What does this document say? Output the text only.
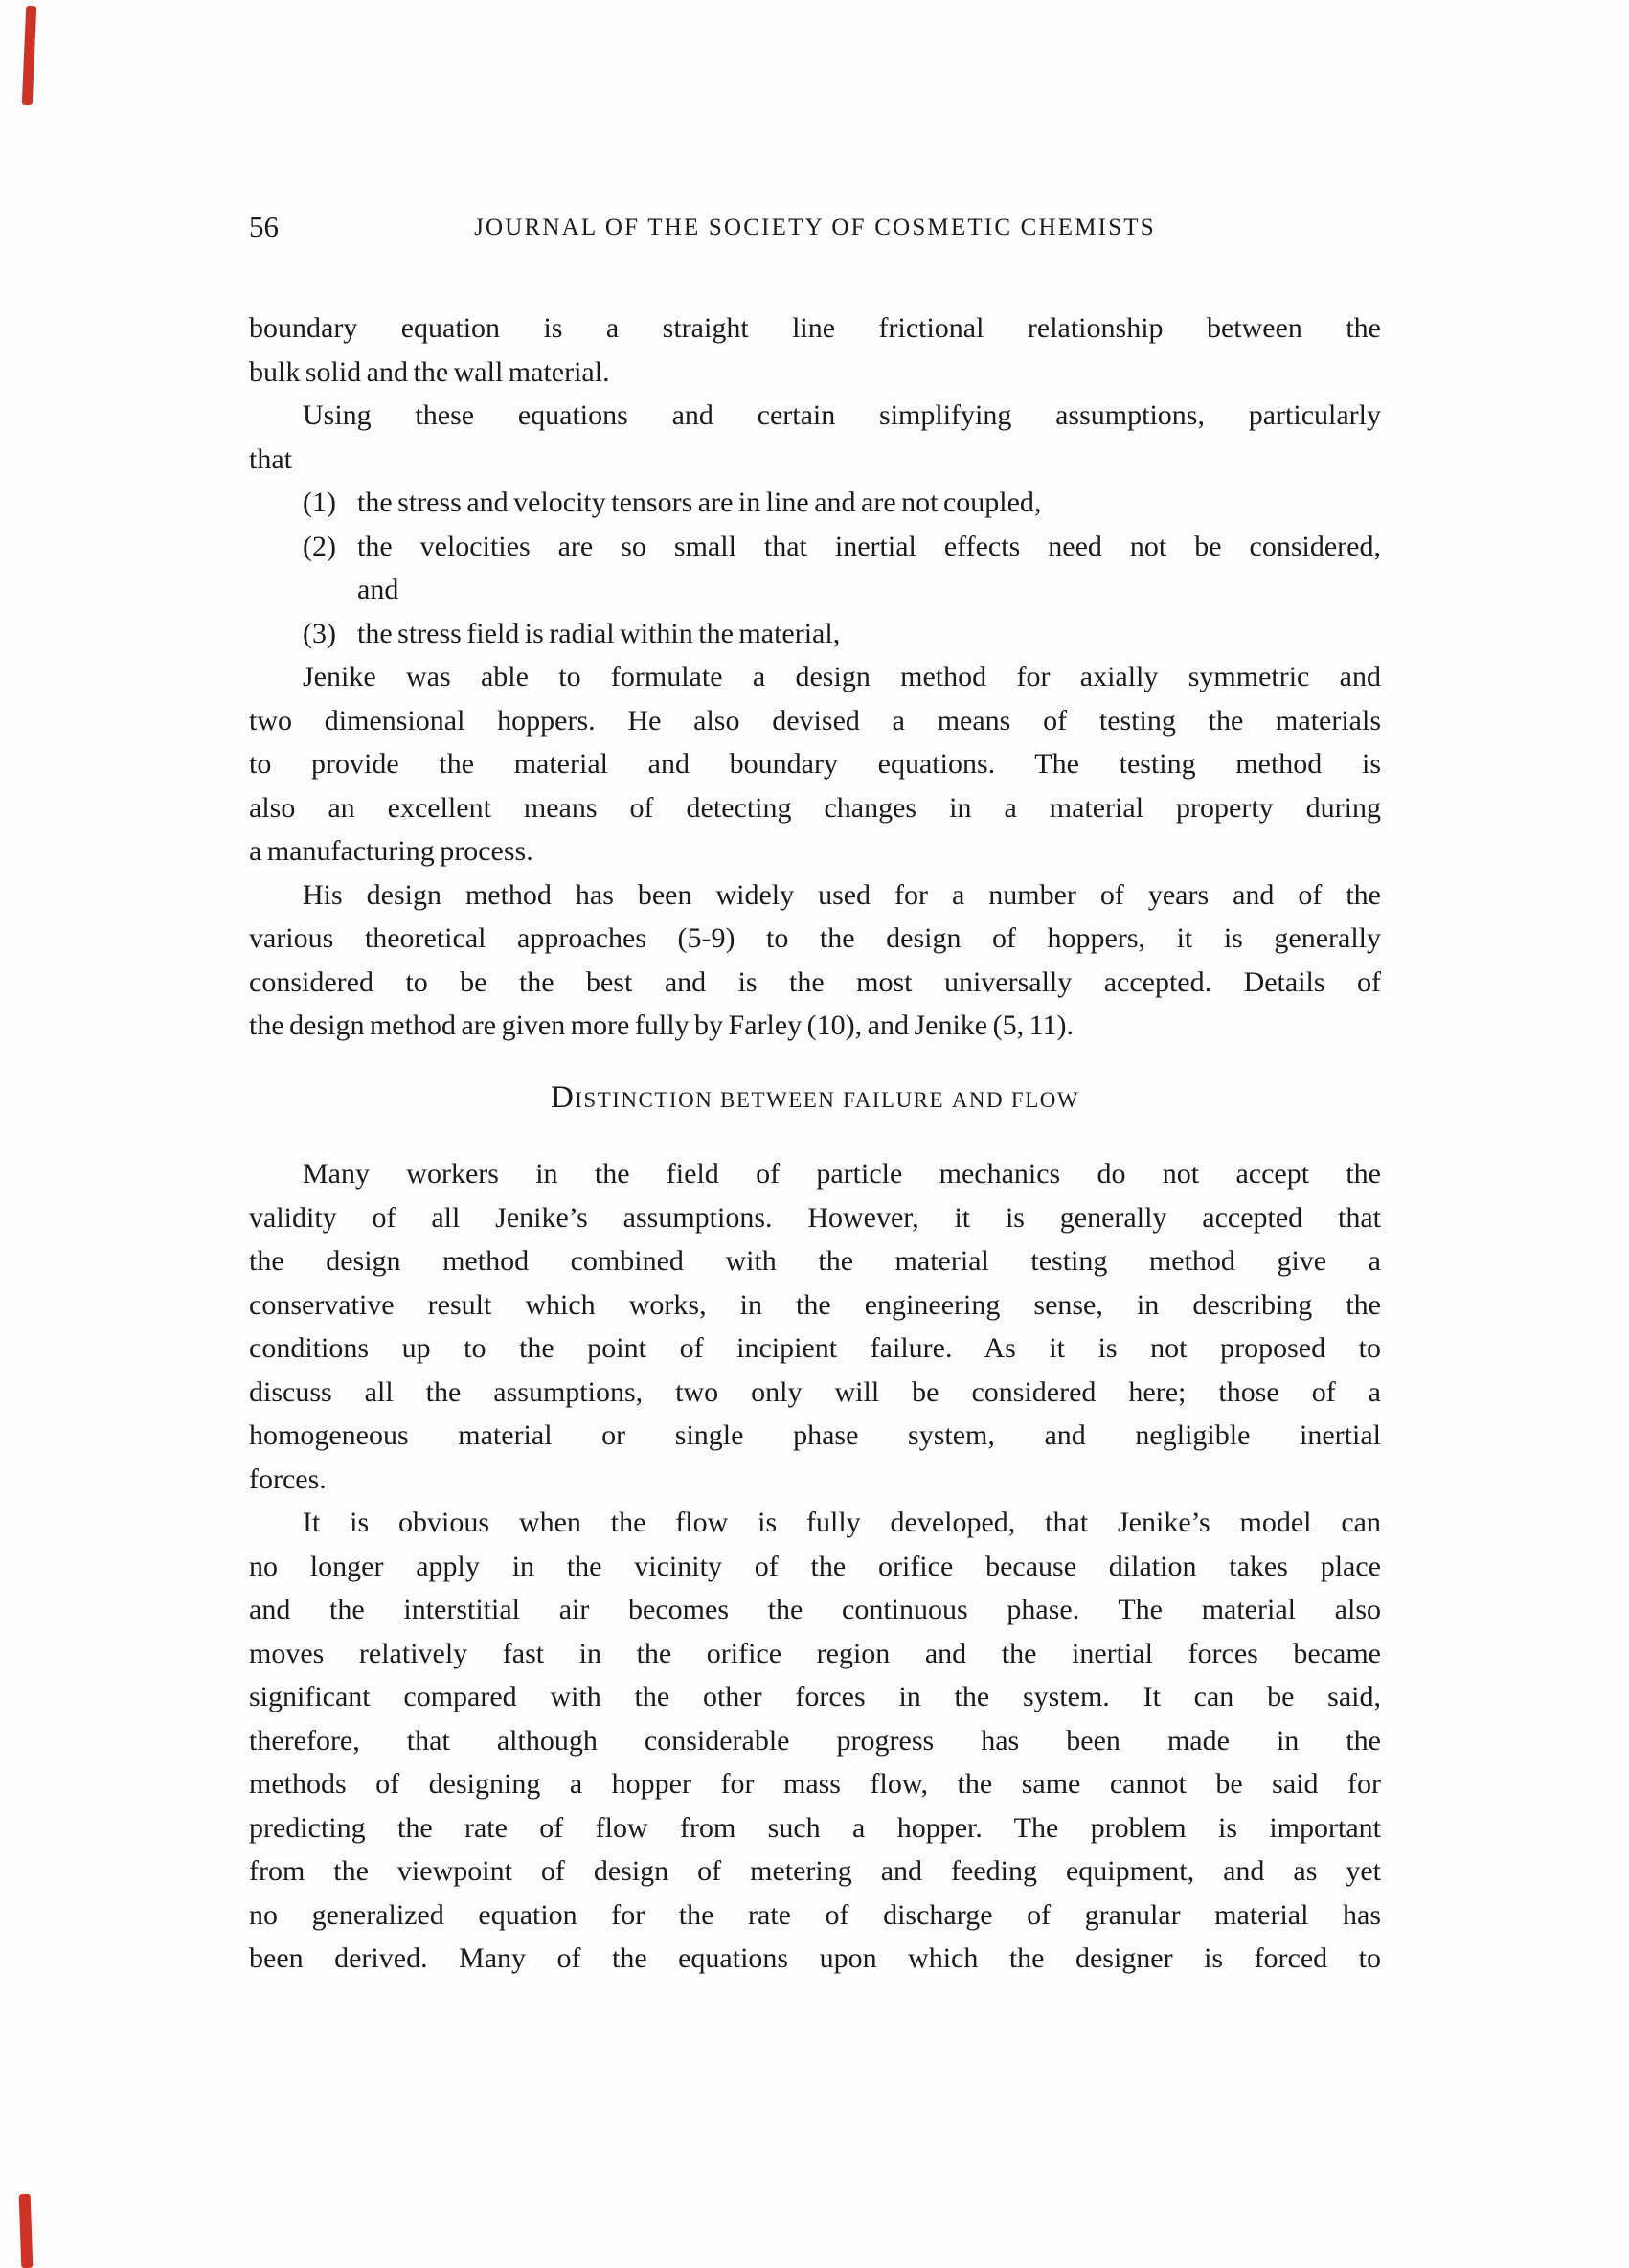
56	JOURNAL OF THE SOCIETY OF COSMETIC CHEMISTS
boundary equation is a straight line frictional relationship between the
bulk solid and the wall material.
Using these equations and certain simplifying assumptions, particularly
that
(1) the stress and velocity tensors are in line and are not coupled,
(2) the velocities are so small that inertial effects need not be considered,
and
(3) the stress field is radial within the material,
Jenike was able to formulate a design method for axially symmetric and
two dimensional hoppers. He also devised a means of testing the materials
to provide the material and boundary equations. The testing method is
also an excellent means of detecting changes in a material property during
a manufacturing process.
His design method has been widely used for a number of years and of the
various theoretical approaches (5-9) to the design of hoppers, it is generally
considered to be the best and is the most universally accepted. Details of
the design method are given more fully by Farley (10), and Jenike (5, 11).
Distinction between failure and flow
Many workers in the field of particle mechanics do not accept the
validity of all Jenike’s assumptions. However, it is generally accepted that
the design method combined with the material testing method give a
conservative result which works, in the engineering sense, in describing the
conditions up to the point of incipient failure. As it is not proposed to
discuss all the assumptions, two only will be considered here; those of a
homogeneous material or single phase system, and negligible inertial
forces.
It is obvious when the flow is fully developed, that Jenike’s model can
no longer apply in the vicinity of the orifice because dilation takes place
and the interstitial air becomes the continuous phase. The material also
moves relatively fast in the orifice region and the inertial forces became
significant compared with the other forces in the system. It can be said,
therefore, that although considerable progress has been made in the
methods of designing a hopper for mass flow, the same cannot be said for
predicting the rate of flow from such a hopper. The problem is important
from the viewpoint of design of metering and feeding equipment, and as yet
no generalized equation for the rate of discharge of granular material has
been derived. Many of the equations upon which the designer is forced to
